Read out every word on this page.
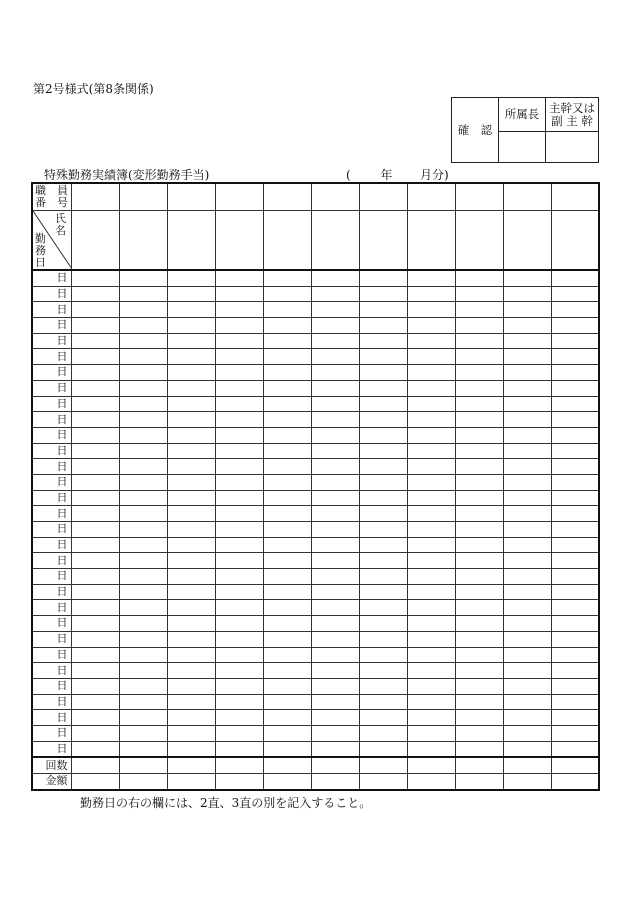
第2号様式(第8条関係)
確　認	所属長	主幹又は
副 主 幹

特殊勤務実績簿(変形勤務手当)	( 年 月分)
職 員
番 号											

氏
名
勤
務
日											

日											
日											
日											
日											
日											
日											
日											
日											
日											
日											
日											
日											
日											
日											
日											
日											
日											
日											
日											
日											
日											
日											
日											
日											
日											
日											
日											
日											
日											
日											
日											
回数											
金額											
勤務日の右の欄には、2直、3直の別を記入すること。
